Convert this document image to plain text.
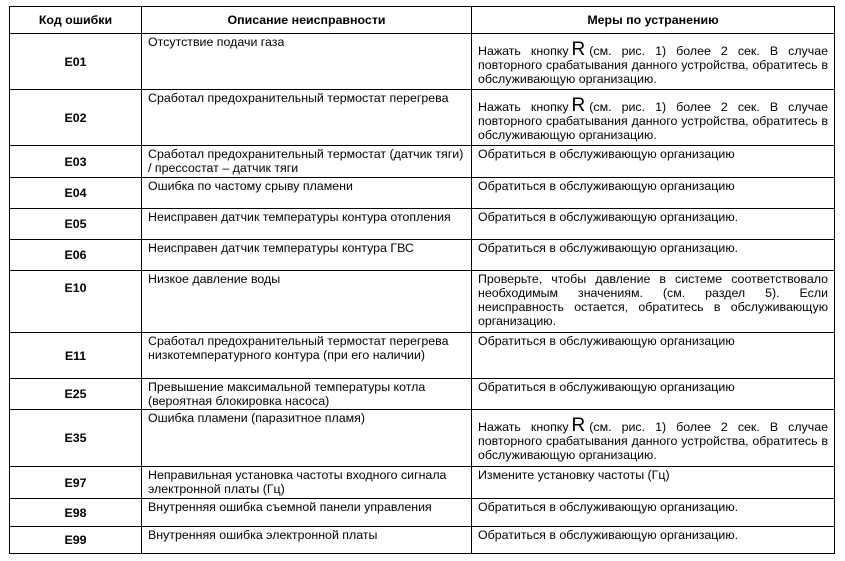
Код ошибки	Описание неисправности	Меры по устранению
E01	Отсутствие подачи газа	Нажать кнопку R (см. рис. 1) более 2 сек. В случае повторного срабатывания данного устройства, обратитесь в обслуживающую организацию.
E02	Сработал предохранительный термостат перегрева	Нажать кнопку R (см. рис. 1) более 2 сек. В случае повторного срабатывания данного устройства, обратитесь в обслуживающую организацию.
E03	Сработал предохранительный термостат (датчик тяги) / прессостат – датчик тяги	Обратиться в обслуживающую организацию
E04	Ошибка по частому срыву пламени	Обратиться в обслуживающую организацию
E05	Неисправен датчик температуры контура отопления	Обратиться в обслуживающую организацию.
E06	Неисправен датчик температуры контура ГВС	Обратиться в обслуживающую организацию.
E10	Низкое давление воды	Проверьте, чтобы давление в системе соответствовало необходимым значениям. (см. раздел 5). Если неисправность остается, обратитесь в обслуживающую организацию.
E11	Сработал предохранительный термостат перегрева низкотемпературного контура (при его наличии)	Обратиться в обслуживающую организацию
E25	Превышение максимальной температуры котла (вероятная блокировка насоса)	Обратиться в обслуживающую организацию
E35	Ошибка пламени (паразитное пламя)	Нажать кнопку R (см. рис. 1) более 2 сек. В случае повторного срабатывания данного устройства, обратитесь в обслуживающую организацию.
E97	Неправильная установка частоты входного сигнала электронной платы (Гц)	Измените установку частоты (Гц)
E98	Внутренняя ошибка съемной панели управления	Обратиться в обслуживающую организацию.
E99	Внутренняя ошибка электронной платы	Обратиться в обслуживающую организацию.
